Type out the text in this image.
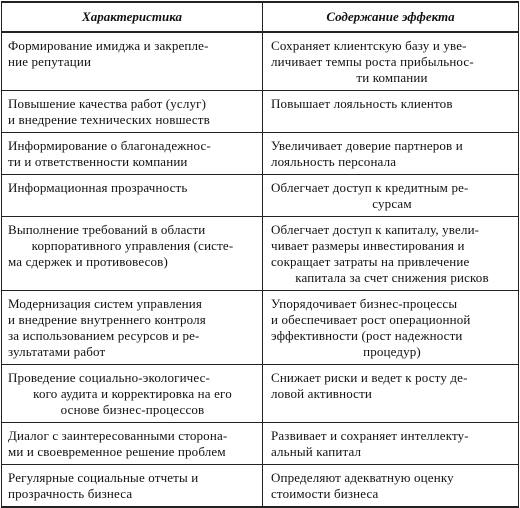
Характеристика	Содержание эффекта

Формирование имиджа и закрепле-
ние репутации	Сохраняет клиентскую базу и уве-
личивает темпы роста прибыльнос-
ти компании

Повышение качества работ (услуг)
и внедрение технических новшеств	Повышает лояльность клиентов

Информирование о благонадежнос-
ти и ответственности компании	Увеличивает доверие партнеров и
лояльность персонала

Информационная прозрачность	Облегчает доступ к кредитным ре-
сурсам

Выполнение требований в области
корпоративного управления (систе-
ма сдержек и противовесов)	Облегчает доступ к капиталу, увели-
чивает размеры инвестирования и
сокращает затраты на привлечение
капитала за счет снижения рисков

Модернизация систем управления
и внедрение внутреннего контроля
за использованием ресурсов и ре-
зультатами работ	Упорядочивает бизнес-процессы
и обеспечивает рост операционной
эффективности (рост надежности
процедур)

Проведение социально-экологичес-
кого аудита и корректировка на его
основе бизнес-процессов	Снижает риски и ведет к росту де-
ловой активности

Диалог с заинтересованными сторона-
ми и своевременное решение проблем	Развивает и сохраняет интеллекту-
альный капитал

Регулярные социальные отчеты и
прозрачность бизнеса	Определяют адекватную оценку
стоимости бизнеса
